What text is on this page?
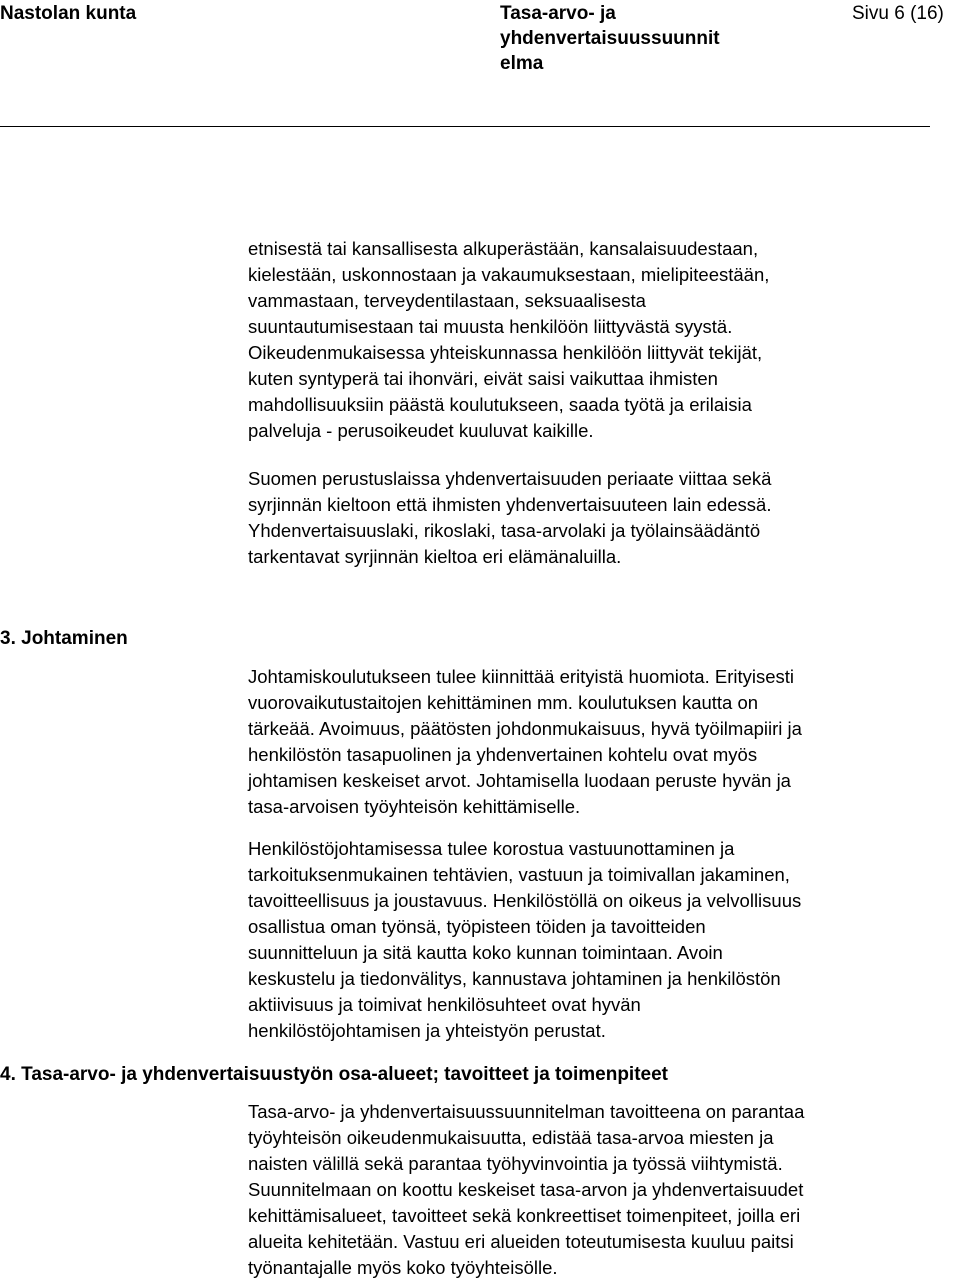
Nastolan kunta	Tasa-arvo- ja
yhdenvertaisuussuunnit
elma
Sivu 6 (16)

etnisestä tai kansallisesta alkuperästään, kansalaisuudestaan,

kielestään, uskonnostaan ja vakaumuksestaan, mielipiteestään,

vammastaan, terveydentilastaan, seksuaalisesta

suuntautumisestaan tai muusta henkilöön liittyvästä syystä.

Oikeudenmukaisessa yhteiskunnassa henkilöön liittyvät tekijät,

kuten syntyperä tai ihonväri, eivät saisi vaikuttaa ihmisten

mahdollisuuksiin päästä koulutukseen, saada työtä ja erilaisia

palveluja - perusoikeudet kuuluvat kaikille.

Suomen perustuslaissa yhdenvertaisuuden periaate viittaa sekä

syrjinnän kieltoon että ihmisten yhdenvertaisuuteen lain edessä.

Yhdenvertaisuuslaki, rikoslaki, tasa-arvolaki ja työlainsäädäntö

tarkentavat syrjinnän kieltoa eri elämänaluilla.

3. Johtaminen

Johtamiskoulutukseen tulee kiinnittää erityistä huomiota. Erityisesti

vuorovaikutustaitojen kehittäminen mm. koulutuksen kautta on

tärkeää. Avoimuus, päätösten johdonmukaisuus, hyvä työilmapiiri ja

henkilöstön tasapuolinen ja yhdenvertainen kohtelu ovat myös

johtamisen keskeiset arvot. Johtamisella luodaan peruste hyvän ja

tasa-arvoisen työyhteisön kehittämiselle.

Henkilöstöjohtamisessa tulee korostua vastuunottaminen ja

tarkoituksenmukainen tehtävien, vastuun ja toimivallan jakaminen,

tavoitteellisuus ja joustavuus. Henkilöstöllä on oikeus ja velvollisuus

osallistua oman työnsä, työpisteen töiden ja tavoitteiden

suunnitteluun ja sitä kautta koko kunnan toimintaan. Avoin

keskustelu ja tiedonvälitys, kannustava johtaminen ja henkilöstön

aktiivisuus ja toimivat henkilösuhteet ovat hyvän

henkilöstöjohtamisen ja yhteistyön perustat.

4. Tasa-arvo- ja yhdenvertaisuustyön osa-alueet; tavoitteet ja toimenpiteet

Tasa-arvo- ja yhdenvertaisuussuunnitelman tavoitteena on parantaa

työyhteisön oikeudenmukaisuutta, edistää tasa-arvoa miesten ja

naisten välillä sekä parantaa työhyvinvointia ja työssä viihtymistä.

Suunnitelmaan on koottu keskeiset tasa-arvon ja yhdenvertaisuudet

kehittämisalueet, tavoitteet sekä konkreettiset toimenpiteet, joilla eri

alueita kehitetään. Vastuu eri alueiden toteutumisesta kuuluu paitsi

työnantajalle myös koko työyhteisölle.
